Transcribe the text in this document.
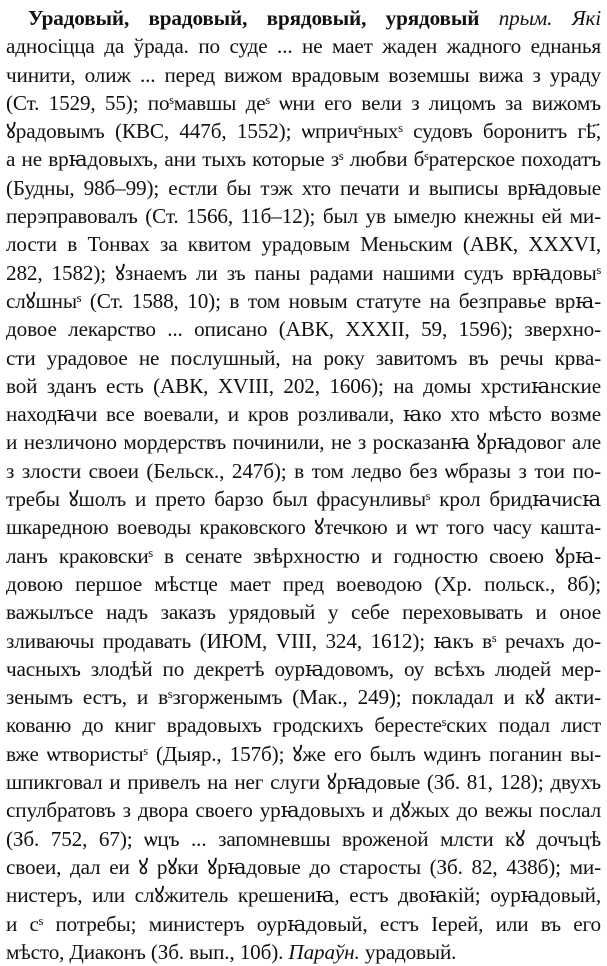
Урадовый, врадовый, врядовый, урядовый прым. Які
адносіцца да ўрада. по суде ... не мает жаден жадного еднанья
чинити, олиж ... перед вижом врадовым воземшы вижа з ураду
(Ст. 1529, 55); поˢмавшы деˢ ѡни его вели з лицомъ за вижомъ
ꙋрадовымъ (КВС, 447б, 1552); ѡпричˢныхˢ судовъ боронитъ гҍ҃,
а не врꙗдовыхъ, ани тыхъ которые зˢ любви бˢратерское походатъ
(Будны, 98б–99); естли бы тэж хто печати и выписы врꙗдовые
перэправовалъ (Ст. 1566, 11б–12); был ув ымеԓю кнежны ей ми-
лости в Тонвах за квитом урадовым Меньским (АВК, XXXVI,
282, 1582); ꙋзнаемъ ли зъ паны радами нашими судъ врꙗдовыˢ
слꙋшныˢ (Ст. 1588, 10); в том новым статуте на безправье врꙗ-
довое лекарство ... описано (АВК, XXXII, 59, 1596); зверхно-
сти урадовое не послушный, на року завитомъ въ речы крва-
вой зданъ есть (АВК, XVIII, 202, 1606); на домы хрстиꙗнские
находꙗчи все воевали, и кров розливали, ꙗко хто мѣсто возме
и незличоно мордерствъ починили, не з росказанꙗ ꙋрꙗдовог але
з злости своеи (Бельск., 247б); в том ледво без ѡбразы з тои по-
требы ꙋшолъ и прето барзо был фрасунливыˢ крол бридꙗчисꙗ
шкаредною воеводы краковского ꙋтечкою и ѡт того часу кашта-
ланъ краковскиˢ в сенате звѣрхностю и годностю своею ꙋрꙗ-
довою першое мѣстце мает пред воеводою (Хр. польск., 8б);
важылъсе надъ заказъ урядовый у себе переховывать и оное
зливаючы продавать (ИЮМ, VIII, 324, 1612); ꙗкъ вˢ речахъ до-
часныхъ злодѣй по декретѣ оурꙗдовомъ, оу всѣхъ людей мер-
зенымъ естъ, и вˢзгорженымъ (Мак., 249); покладал и кꙋ акти-
кованю до книг врадовыхъ гродскихъ берестеˢских подал лист
вже ѡтвористыˢ (Дыяр., 157б); ꙋже его былъ ѡдинъ поганин вы-
шпикговал и привелъ на нег слуги ꙋрꙗдовые (Зб. 81, 128); двухъ
спулбратовъ з двора своего урꙗдовыхъ и дꙋжых до вежы послал
(Зб. 752, 67); ѡцъ ... запомневшы вроженой млсти кꙋ дочъцѣ
своеи, дал еи ꙋ рꙋки ꙋрꙗдовые до старосты (Зб. 82, 438б); ми-
нистеръ, или слꙋжитель крешениꙗ, естъ двоꙗкій; оурꙗдовый,
и сˢ потребы; министеръ оурꙗдовый, естъ Іерей, или въ его
мѣсто, Диаконъ (Зб. вып., 10б). Параўн. урадовый.
